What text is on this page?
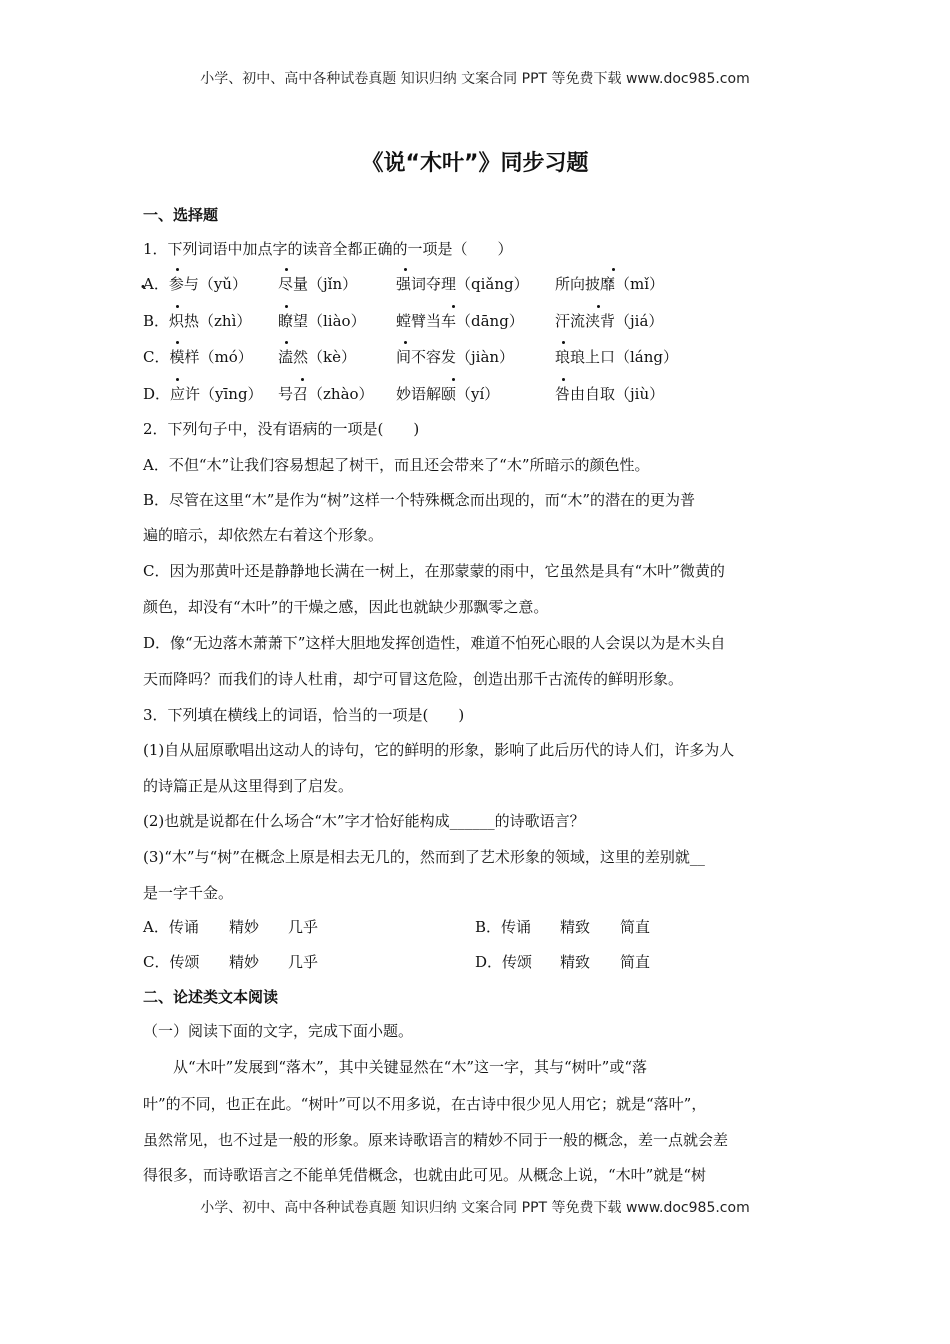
小学、初中、高中各种试卷真题 知识归纳 文案合同 PPT 等免费下载 www.doc985.com
《说“木叶”》同步习题
一、选择题
1．下列词语中加点字的读音全都正确的一项是（　　）
A．参与（yǔ） 尽量（jǐn）	强词夺理（qiǎng） 所向披靡（mǐ）
B．炽热（zhì） 瞭望（liào） 螳臂当车（dāng） 汗流浃背（jiá）
C．模样（mó） 溘然（kè）	间不容发（jiàn）	琅琅上口（láng）
D．应许（yīng） 号召（zhào） 妙语解颐（yí）	咎由自取（jiù）
2．下列句子中，没有语病的一项是(　　)
A．不但“木”让我们容易想起了树干，而且还会带来了“木”所暗示的颜色性。
B．尽管在这里“木”是作为“树”这样一个特殊概念而出现的，而“木”的潜在的更为普
遍的暗示，却依然左右着这个形象。
C．因为那黄叶还是静静地长满在一树上，在那蒙蒙的雨中，它虽然是具有“木叶”微黄的
颜色，却没有“木叶”的干燥之感，因此也就缺少那飘零之意。
D．像“无边落木萧萧下”这样大胆地发挥创造性，难道不怕死心眼的人会误以为是木头自
天而降吗？而我们的诗人杜甫，却宁可冒这危险，创造出那千古流传的鲜明形象。
3．下列填在横线上的词语，恰当的一项是(　　)
(1)自从屈原歌唱出这动人的诗句，它的鲜明的形象，影响了此后历代的诗人们，许多为人
的诗篇正是从这里得到了启发。
(2)也就是说都在什么场合“木”字才恰好能构成______的诗歌语言？
(3)“木”与“树”在概念上原是相去无几的，然而到了艺术形象的领域，这里的差别就__
是一字千金。
A．传诵 精妙 几乎	B．传诵 精致 简直
C．传颂 精妙 几乎	D．传颂 精致 简直
二、论述类文本阅读
（一）阅读下面的文字，完成下面小题。
从“木叶”发展到“落木”，其中关键显然在“木”这一字，其与“树叶”或“落
叶”的不同，也正在此。“树叶”可以不用多说，在古诗中很少见人用它；就是“落叶”，
虽然常见，也不过是一般的形象。原来诗歌语言的精妙不同于一般的概念，差一点就会差
得很多，而诗歌语言之不能单凭借概念，也就由此可见。从概念上说，“木叶”就是“树
小学、初中、高中各种试卷真题 知识归纳 文案合同 PPT 等免费下载 www.doc985.com
